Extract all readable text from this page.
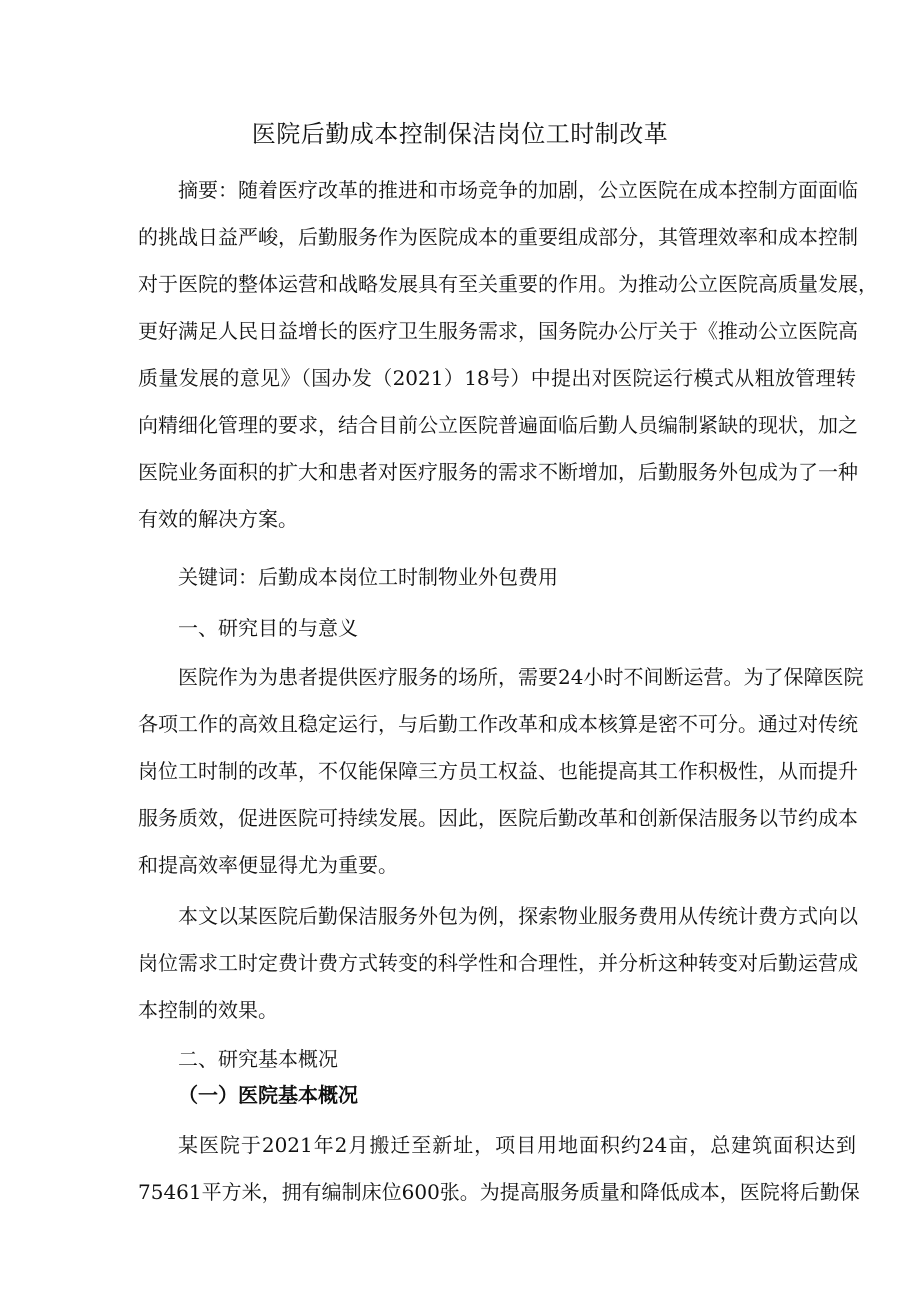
医院后勤成本控制保洁岗位工时制改革
摘要：随着医疗改革的推进和市场竞争的加剧，公立医院在成本控制方面面临
的挑战日益严峻，后勤服务作为医院成本的重要组成部分，其管理效率和成本控制
对于医院的整体运营和战略发展具有至关重要的作用。为推动公立医院高质量发展，
更好满足人民日益增长的医疗卫生服务需求，国务院办公厅关于《推动公立医院高
质量发展的意见》（国办发（2021）18号）中提出对医院运行模式从粗放管理转
向精细化管理的要求，结合目前公立医院普遍面临后勤人员编制紧缺的现状，加之
医院业务面积的扩大和患者对医疗服务的需求不断增加，后勤服务外包成为了一种
有效的解决方案。
关键词：后勤成本岗位工时制物业外包费用
一、研究目的与意义
医院作为为患者提供医疗服务的场所，需要24小时不间断运营。为了保障医院
各项工作的高效且稳定运行，与后勤工作改革和成本核算是密不可分。通过对传统
岗位工时制的改革，不仅能保障三方员工权益、也能提高其工作积极性，从而提升
服务质效，促进医院可持续发展。因此，医院后勤改革和创新保洁服务以节约成本
和提高效率便显得尤为重要。
本文以某医院后勤保洁服务外包为例，探索物业服务费用从传统计费方式向以
岗位需求工时定费计费方式转变的科学性和合理性，并分析这种转变对后勤运营成
本控制的效果。
二、研究基本概况
（一）医院基本概况
某医院于2021年2月搬迁至新址，项目用地面积约24亩，总建筑面积达到
75461平方米，拥有编制床位600张。为提高服务质量和降低成本，医院将后勤保
